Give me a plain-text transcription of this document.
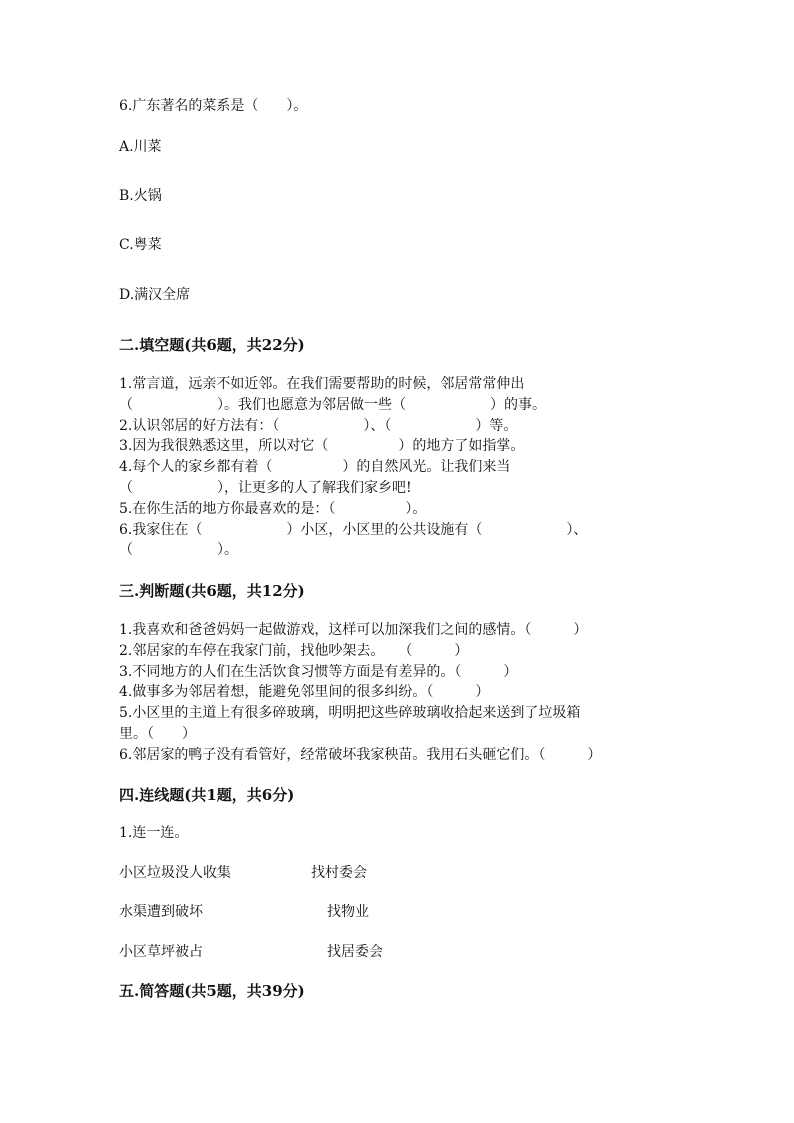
6.广东著名的菜系是（　　）。
A.川菜
B.火锅
C.粤菜
D.满汉全席
二.填空题(共6题，共22分)
1.常言道，远亲不如近邻。在我们需要帮助的时候，邻居常常伸出
（　　　　　　）。我们也愿意为邻居做一些（　　　　　　）的事。
2.认识邻居的好方法有：（　　　　　　）、（　　　　　　）等。
3.因为我很熟悉这里，所以对它（　　　　　）的地方了如指掌。
4.每个人的家乡都有着（　　　　　）的自然风光。让我们来当
（　　　　　　），让更多的人了解我们家乡吧!
5.在你生活的地方你最喜欢的是：（　　　　　）。
6.我家住在（　　　　　　）小区，小区里的公共设施有（　　　　　　）、
（　　　　　　）。
三.判断题(共6题，共12分)
1.我喜欢和爸爸妈妈一起做游戏，这样可以加深我们之间的感情。（　　　）
2.邻居家的车停在我家门前，找他吵架去。　　（　　　）
3.不同地方的人们在生活饮食习惯等方面是有差异的。（　　　）
4.做事多为邻居着想，能避免邻里间的很多纠纷。（　　　）
5.小区里的主道上有很多碎玻璃，明明把这些碎玻璃收拾起来送到了垃圾箱
里。（　　）
6.邻居家的鸭子没有看管好，经常破坏我家秧苗。我用石头砸它们。（　　　）
四.连线题(共1题，共6分)
1.连一连。
小区垃圾没人收集	找村委会
水渠遭到破坏	找物业
小区草坪被占	找居委会
五.简答题(共5题，共39分)
